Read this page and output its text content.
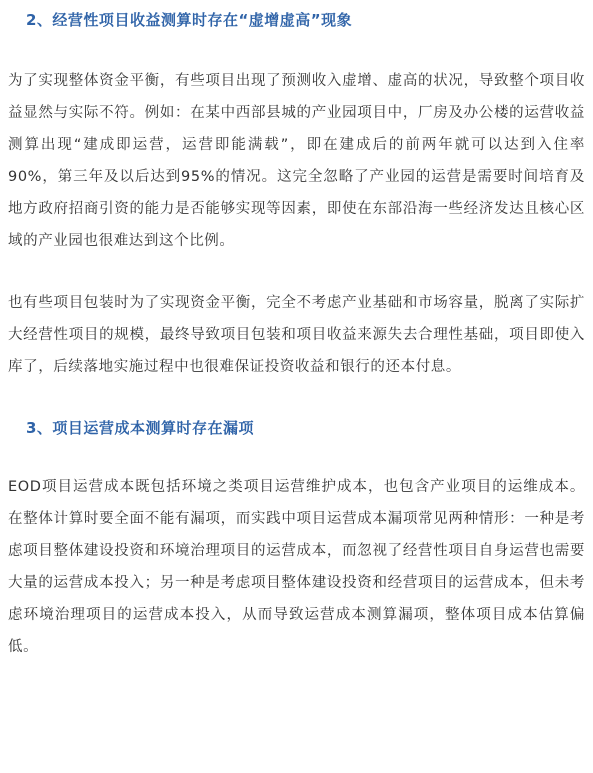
2、经营性项目收益测算时存在“虚增虚高”现象

为了实现整体资金平衡，有些项目出现了预测收入虚增、虚高的状况，导致整个项目收益显然与实际不符。例如：在某中西部县城的产业园项目中，厂房及办公楼的运营收益测算出现“建成即运营，运营即能满载”，即在建成后的前两年就可以达到入住率90%，第三年及以后达到95%的情况。这完全忽略了产业园的运营是需要时间培育及地方政府招商引资的能力是否能够实现等因素，即使在东部沿海一些经济发达且核心区域的产业园也很难达到这个比例。

也有些项目包装时为了实现资金平衡，完全不考虑产业基础和市场容量，脱离了实际扩大经营性项目的规模，最终导致项目包装和项目收益来源失去合理性基础，项目即使入库了，后续落地实施过程中也很难保证投资收益和银行的还本付息。

3、项目运营成本测算时存在漏项

EOD项目运营成本既包括环境之类项目运营维护成本，也包含产业项目的运维成本。在整体计算时要全面不能有漏项，而实践中项目运营成本漏项常见两种情形：一种是考虑项目整体建设投资和环境治理项目的运营成本，而忽视了经营性项目自身运营也需要大量的运营成本投入；另一种是考虑项目整体建设投资和经营项目的运营成本，但未考虑环境治理项目的运营成本投入，从而导致运营成本测算漏项，整体项目成本估算偏低。
